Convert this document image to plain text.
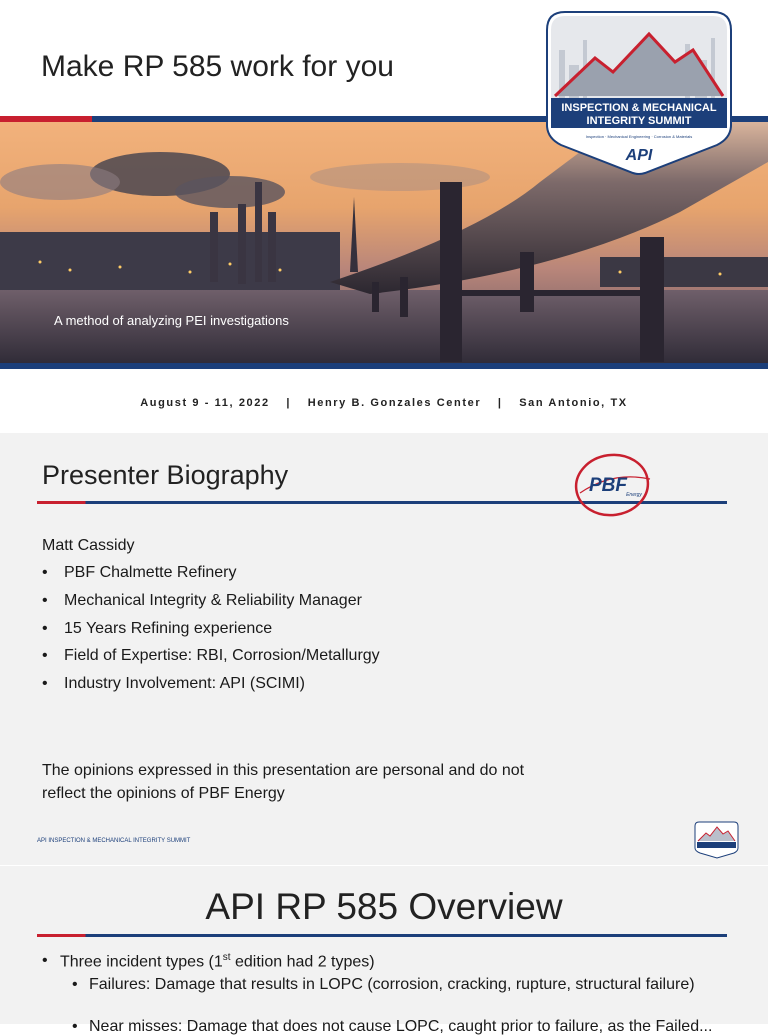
Make RP 585 work for you
A method of analyzing PEI investigations
August 9 - 11, 2022 | Henry B. Gonzales Center | San Antonio, TX
INSPECTION & MECHANICAL
INTEGRITY SUMMIT
Inspection · Mechanical Engineering · Corrosion & Materials
API
Presenter Biography	PBF Energy
Matt Cassidy
•	PBF Chalmette Refinery
•	Mechanical Integrity & Reliability Manager
•	15 Years Refining experience
•	Field of Expertise: RBI, Corrosion/Metallurgy
•	Industry Involvement: API (SCIMI)

The opinions expressed in this presentation are personal and do not reflect the opinions of PBF Energy

API INSPECTION & MECHANICAL INTEGRITY SUMMIT
API RP 585 Overview
• Three incident types (1st edition had 2 types)
• Failures: Damage that results in LOPC (corrosion, cracking, rupture, structural failure)
• Near misses: Damage that does not cause LOPC, caught prior to failure, as the Failed...
